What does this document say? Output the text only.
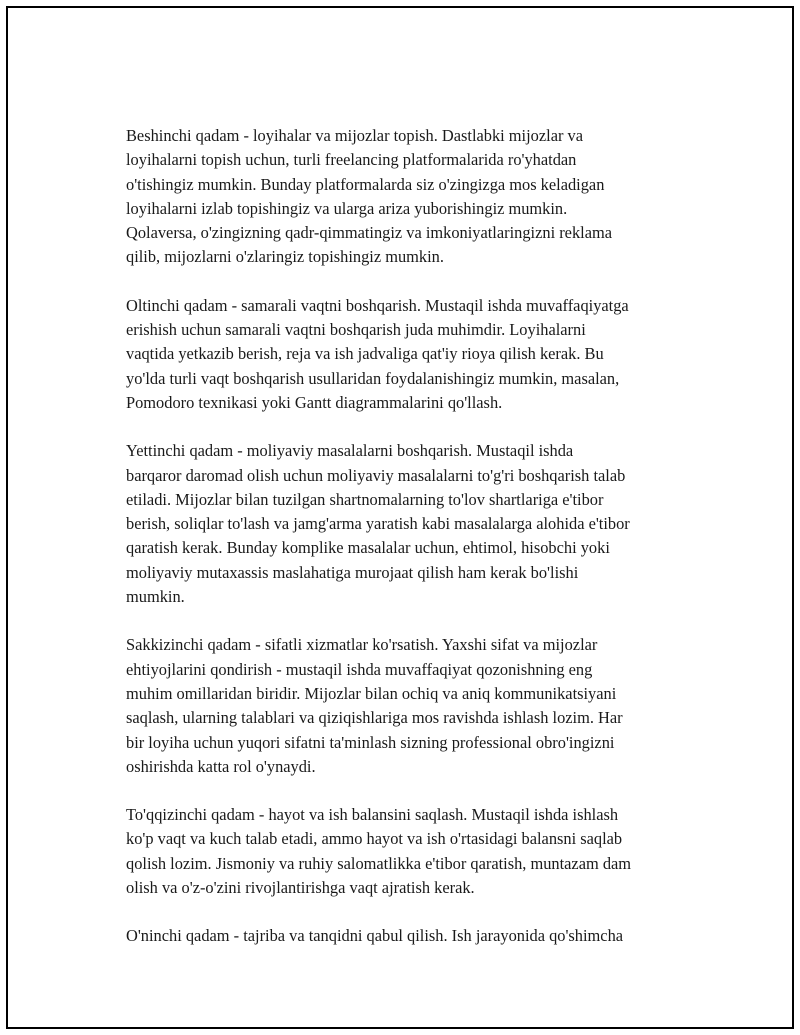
Beshinchi qadam - loyihalar va mijozlar topish. Dastlabki mijozlar va
loyihalarni topish uchun, turli freelancing platformalarida ro'yhatdan
o'tishingiz mumkin. Bunday platformalarda siz o'zingizga mos keladigan
loyihalarni izlab topishingiz va ularga ariza yuborishingiz mumkin.
Qolaversa, o'zingizning qadr-qimmatingiz va imkoniyatlaringizni reklama
qilib, mijozlarni o'zlaringiz topishingiz mumkin.

Oltinchi qadam - samarali vaqtni boshqarish. Mustaqil ishda muvaffaqiyatga
erishish uchun samarali vaqtni boshqarish juda muhimdir. Loyihalarni
vaqtida yetkazib berish, reja va ish jadvaliga qat'iy rioya qilish kerak. Bu
yo'lda turli vaqt boshqarish usullaridan foydalanishingiz mumkin, masalan,
Pomodoro texnikasi yoki Gantt diagrammalarini qo'llash.

Yettinchi qadam - moliyaviy masalalarni boshqarish. Mustaqil ishda
barqaror daromad olish uchun moliyaviy masalalarni to'g'ri boshqarish talab
etiladi. Mijozlar bilan tuzilgan shartnomalarning to'lov shartlariga e'tibor
berish, soliqlar to'lash va jamg'arma yaratish kabi masalalarga alohida e'tibor
qaratish kerak. Bunday komplike masalalar uchun, ehtimol, hisobchi yoki
moliyaviy mutaxassis maslahatiga murojaat qilish ham kerak bo'lishi
mumkin.

Sakkizinchi qadam - sifatli xizmatlar ko'rsatish. Yaxshi sifat va mijozlar
ehtiyojlarini qondirish - mustaqil ishda muvaffaqiyat qozonishning eng
muhim omillaridan biridir. Mijozlar bilan ochiq va aniq kommunikatsiyani
saqlash, ularning talablari va qiziqishlariga mos ravishda ishlash lozim. Har
bir loyiha uchun yuqori sifatni ta'minlash sizning professional obro'ingizni
oshirishda katta rol o'ynaydi.

To'qqizinchi qadam - hayot va ish balansini saqlash. Mustaqil ishda ishlash
ko'p vaqt va kuch talab etadi, ammo hayot va ish o'rtasidagi balansni saqlab
qolish lozim. Jismoniy va ruhiy salomatlikka e'tibor qaratish, muntazam dam
olish va o'z-o'zini rivojlantirishga vaqt ajratish kerak.

O'ninchi qadam - tajriba va tanqidni qabul qilish. Ish jarayonida qo'shimcha
